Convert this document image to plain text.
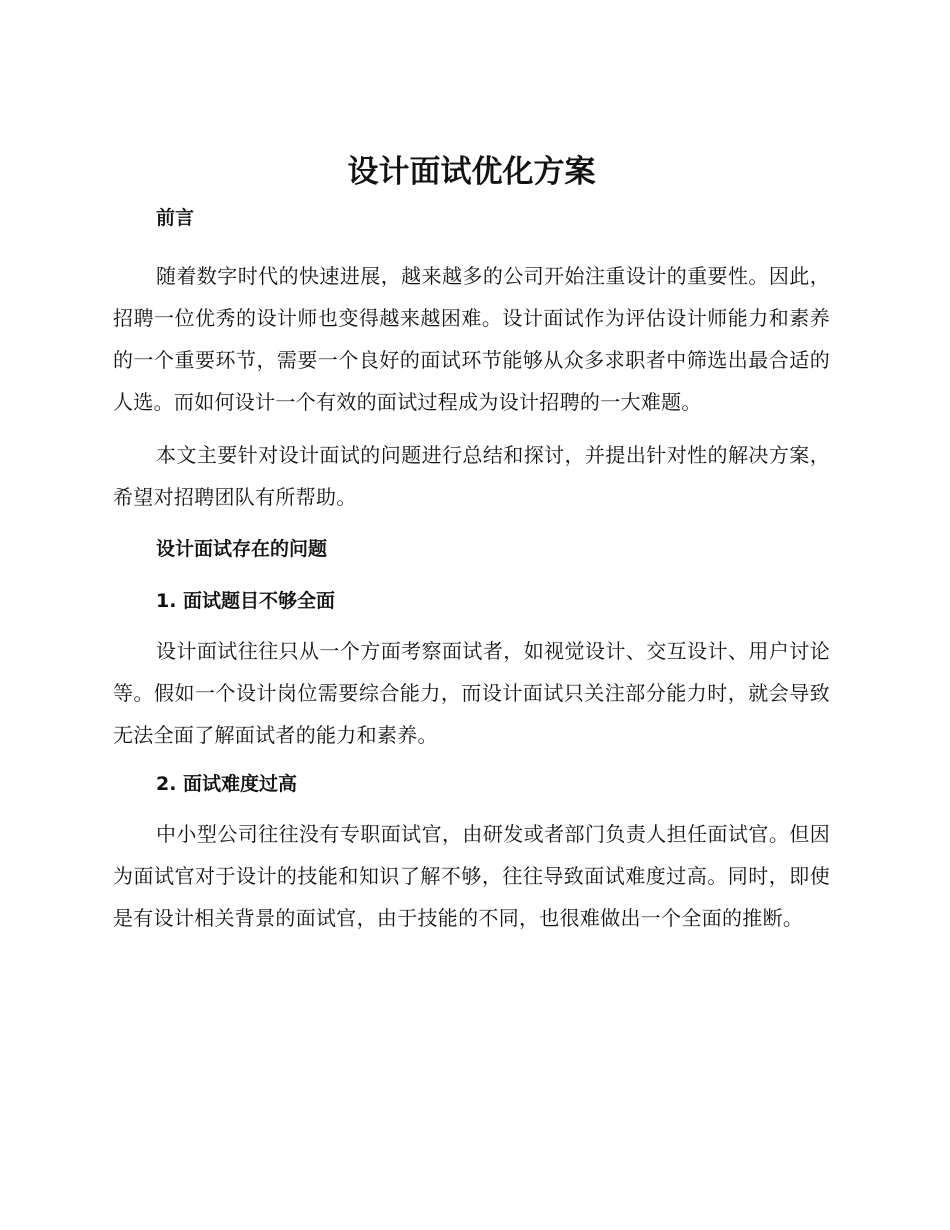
设计面试优化方案
前言

随着数字时代的快速进展，越来越多的公司开始注重设计的重要性。因此，招聘一位优秀的设计师也变得越来越困难。设计面试作为评估设计师能力和素养的一个重要环节，需要一个良好的面试环节能够从众多求职者中筛选出最合适的人选。而如何设计一个有效的面试过程成为设计招聘的一大难题。

本文主要针对设计面试的问题进行总结和探讨，并提出针对性的解决方案，希望对招聘团队有所帮助。

设计面试存在的问题
1. 面试题目不够全面

设计面试往往只从一个方面考察面试者，如视觉设计、交互设计、用户讨论等。假如一个设计岗位需要综合能力，而设计面试只关注部分能力时，就会导致无法全面了解面试者的能力和素养。

2. 面试难度过高

中小型公司往往没有专职面试官，由研发或者部门负责人担任面试官。但因为面试官对于设计的技能和知识了解不够，往往导致面试难度过高。同时，即使是有设计相关背景的面试官，由于技能的不同，也很难做出一个全面的推断。
